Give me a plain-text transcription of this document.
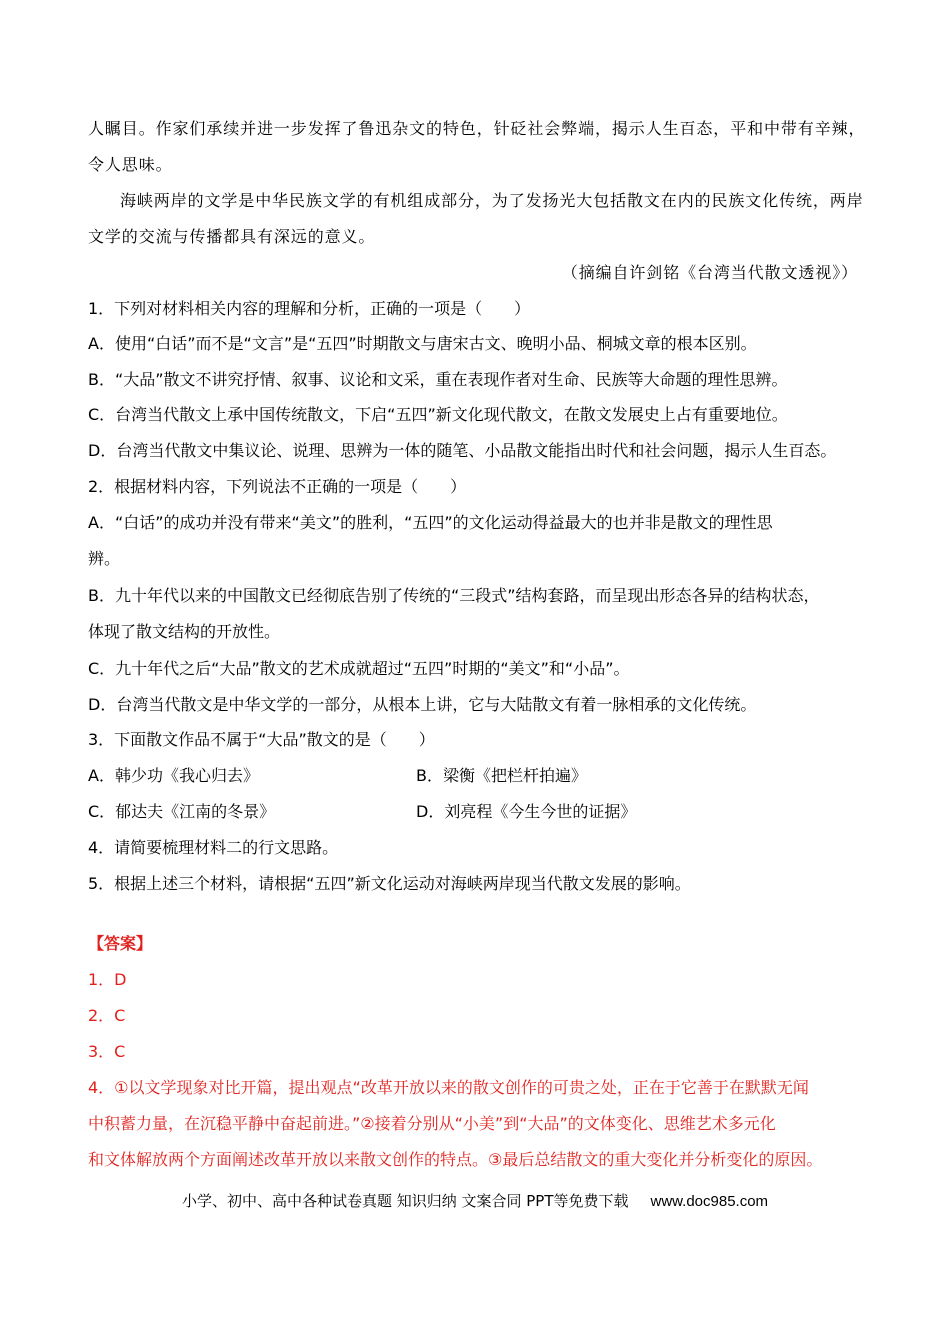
人瞩目。作家们承续并进一步发挥了鲁迅杂文的特色，针砭社会弊端，揭示人生百态，平和中带有辛辣，
令人思味。
海峡两岸的文学是中华民族文学的有机组成部分，为了发扬光大包括散文在内的民族文化传统，两岸
文学的交流与传播都具有深远的意义。
（摘编自许剑铭《台湾当代散文透视》）
1．下列对材料相关内容的理解和分析，正确的一项是（　　）
A．使用“白话”而不是“文言”是“五四”时期散文与唐宋古文、晚明小品、桐城文章的根本区别。
B．“大品”散文不讲究抒情、叙事、议论和文采，重在表现作者对生命、民族等大命题的理性思辨。
C．台湾当代散文上承中国传统散文，下启“五四”新文化现代散文，在散文发展史上占有重要地位。
D．台湾当代散文中集议论、说理、思辨为一体的随笔、小品散文能指出时代和社会问题，揭示人生百态。
2．根据材料内容，下列说法不正确的一项是（　　）
A．“白话”的成功并没有带来“美文”的胜利，“五四”的文化运动得益最大的也并非是散文的理性思
辨。
B．九十年代以来的中国散文已经彻底告别了传统的“三段式”结构套路，而呈现出形态各异的结构状态，
体现了散文结构的开放性。
C．九十年代之后“大品”散文的艺术成就超过“五四”时期的“美文”和“小品”。
D．台湾当代散文是中华文学的一部分，从根本上讲，它与大陆散文有着一脉相承的文化传统。
3．下面散文作品不属于“大品”散文的是（　　）
A．韩少功《我心归去》	B．梁衡《把栏杆拍遍》
C．郁达夫《江南的冬景》	D．刘亮程《今生今世的证据》
4．请简要梳理材料二的行文思路。
5．根据上述三个材料，请根据“五四”新文化运动对海峡两岸现当代散文发展的影响。
【答案】
1．D
2．C
3．C
4．①以文学现象对比开篇，提出观点“改革开放以来的散文创作的可贵之处，正在于它善于在默默无闻
中积蓄力量，在沉稳平静中奋起前进。”②接着分别从“小美”到“大品”的文体变化、思维艺术多元化
和文体解放两个方面阐述改革开放以来散文创作的特点。③最后总结散文的重大变化并分析变化的原因。
小学、初中、高中各种试卷真题 知识归纳 文案合同 PPT等免费下载 www.doc985.com
